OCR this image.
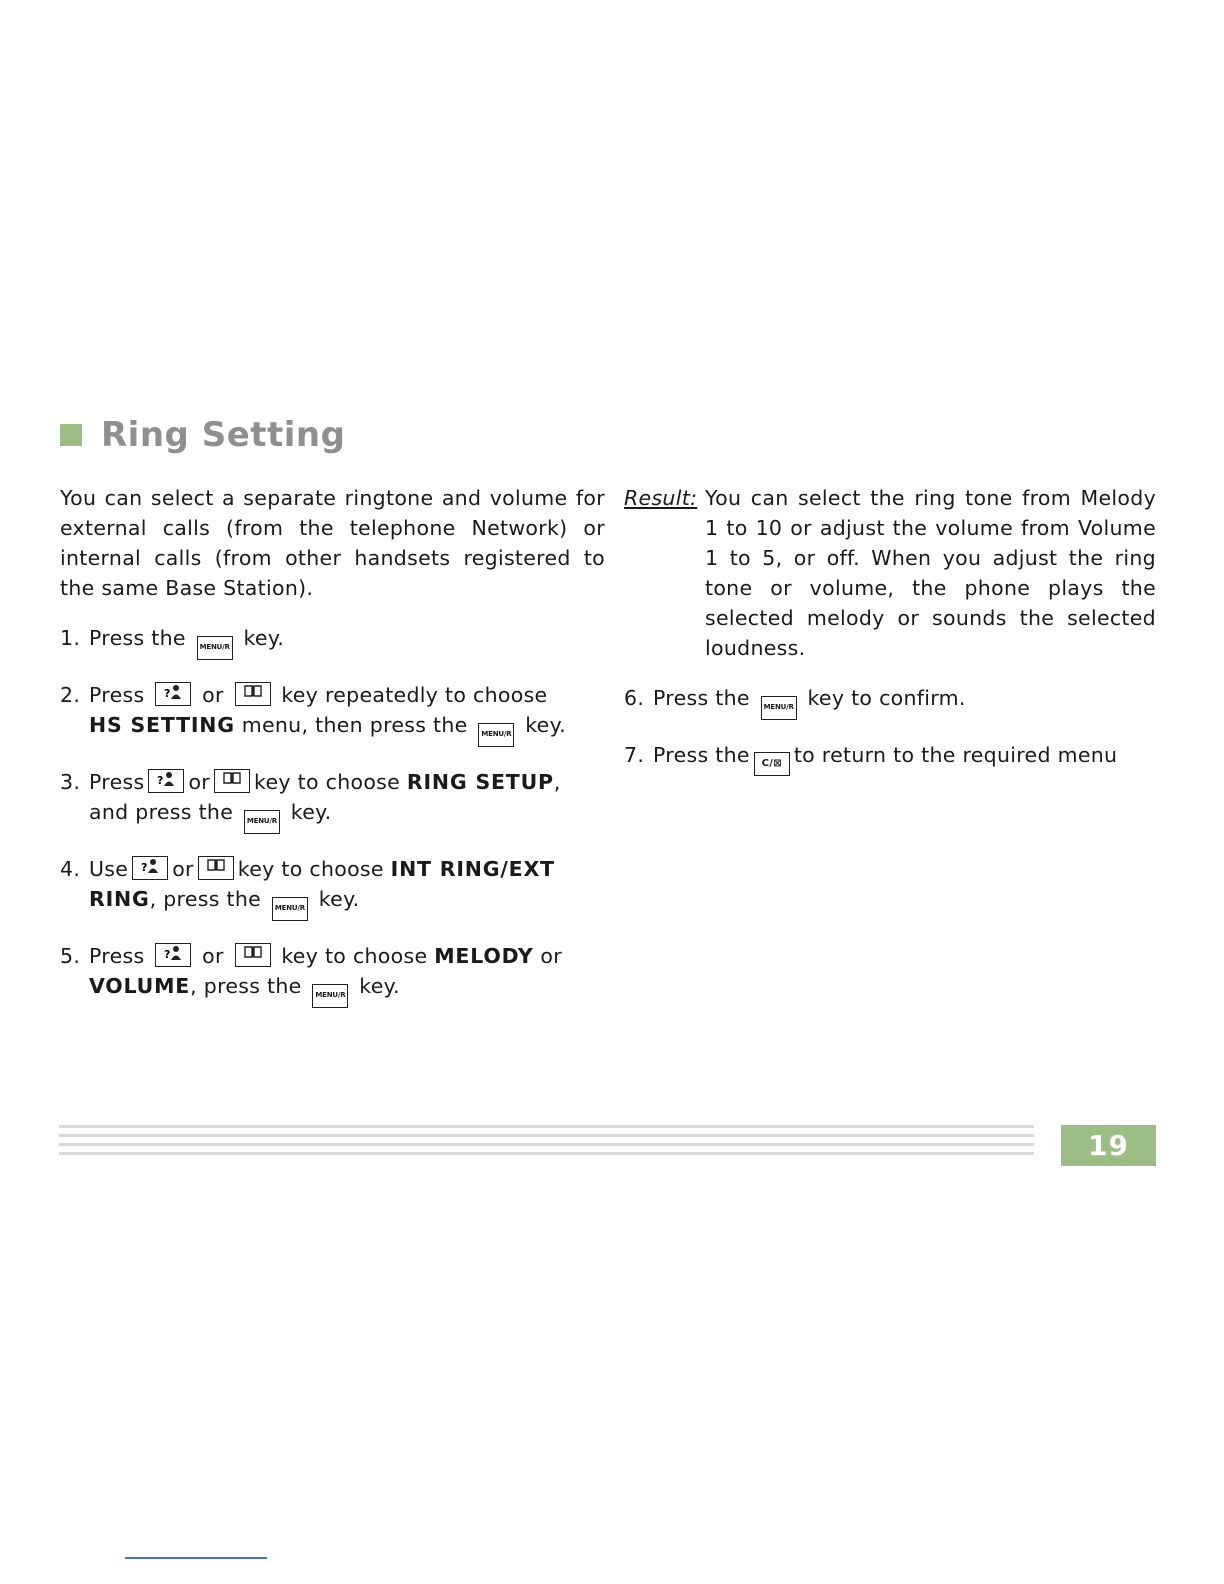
Ring Setting

You can select a separate ringtone and volume for external calls (from the telephone Network) or internal calls (from other handsets registered to the same Base Station).

1. Press the MENU/R key.
2. Press ? or	key repeatedly to choose
HS SETTING menu, then press the MENU/R key.
3. Press ? or key to choose RING SETUP,
and press the MENU/R key.
4. Use ? or key to choose INT RING/EXT RING, press the MENU/R key.
5. Press ? or	key to choose MELODY or
VOLUME, press the MENU/R key.
Result: You can select the ring tone from Melody 1 to 10 or adjust the volume from Volume 1 to 5, or off. When you adjust the ring tone or volume, the phone plays the selected melody or sounds the selected loudness.
6. Press the MENU/R key to confirm.
7. Press the C/⊠ to return to the required menu
19
